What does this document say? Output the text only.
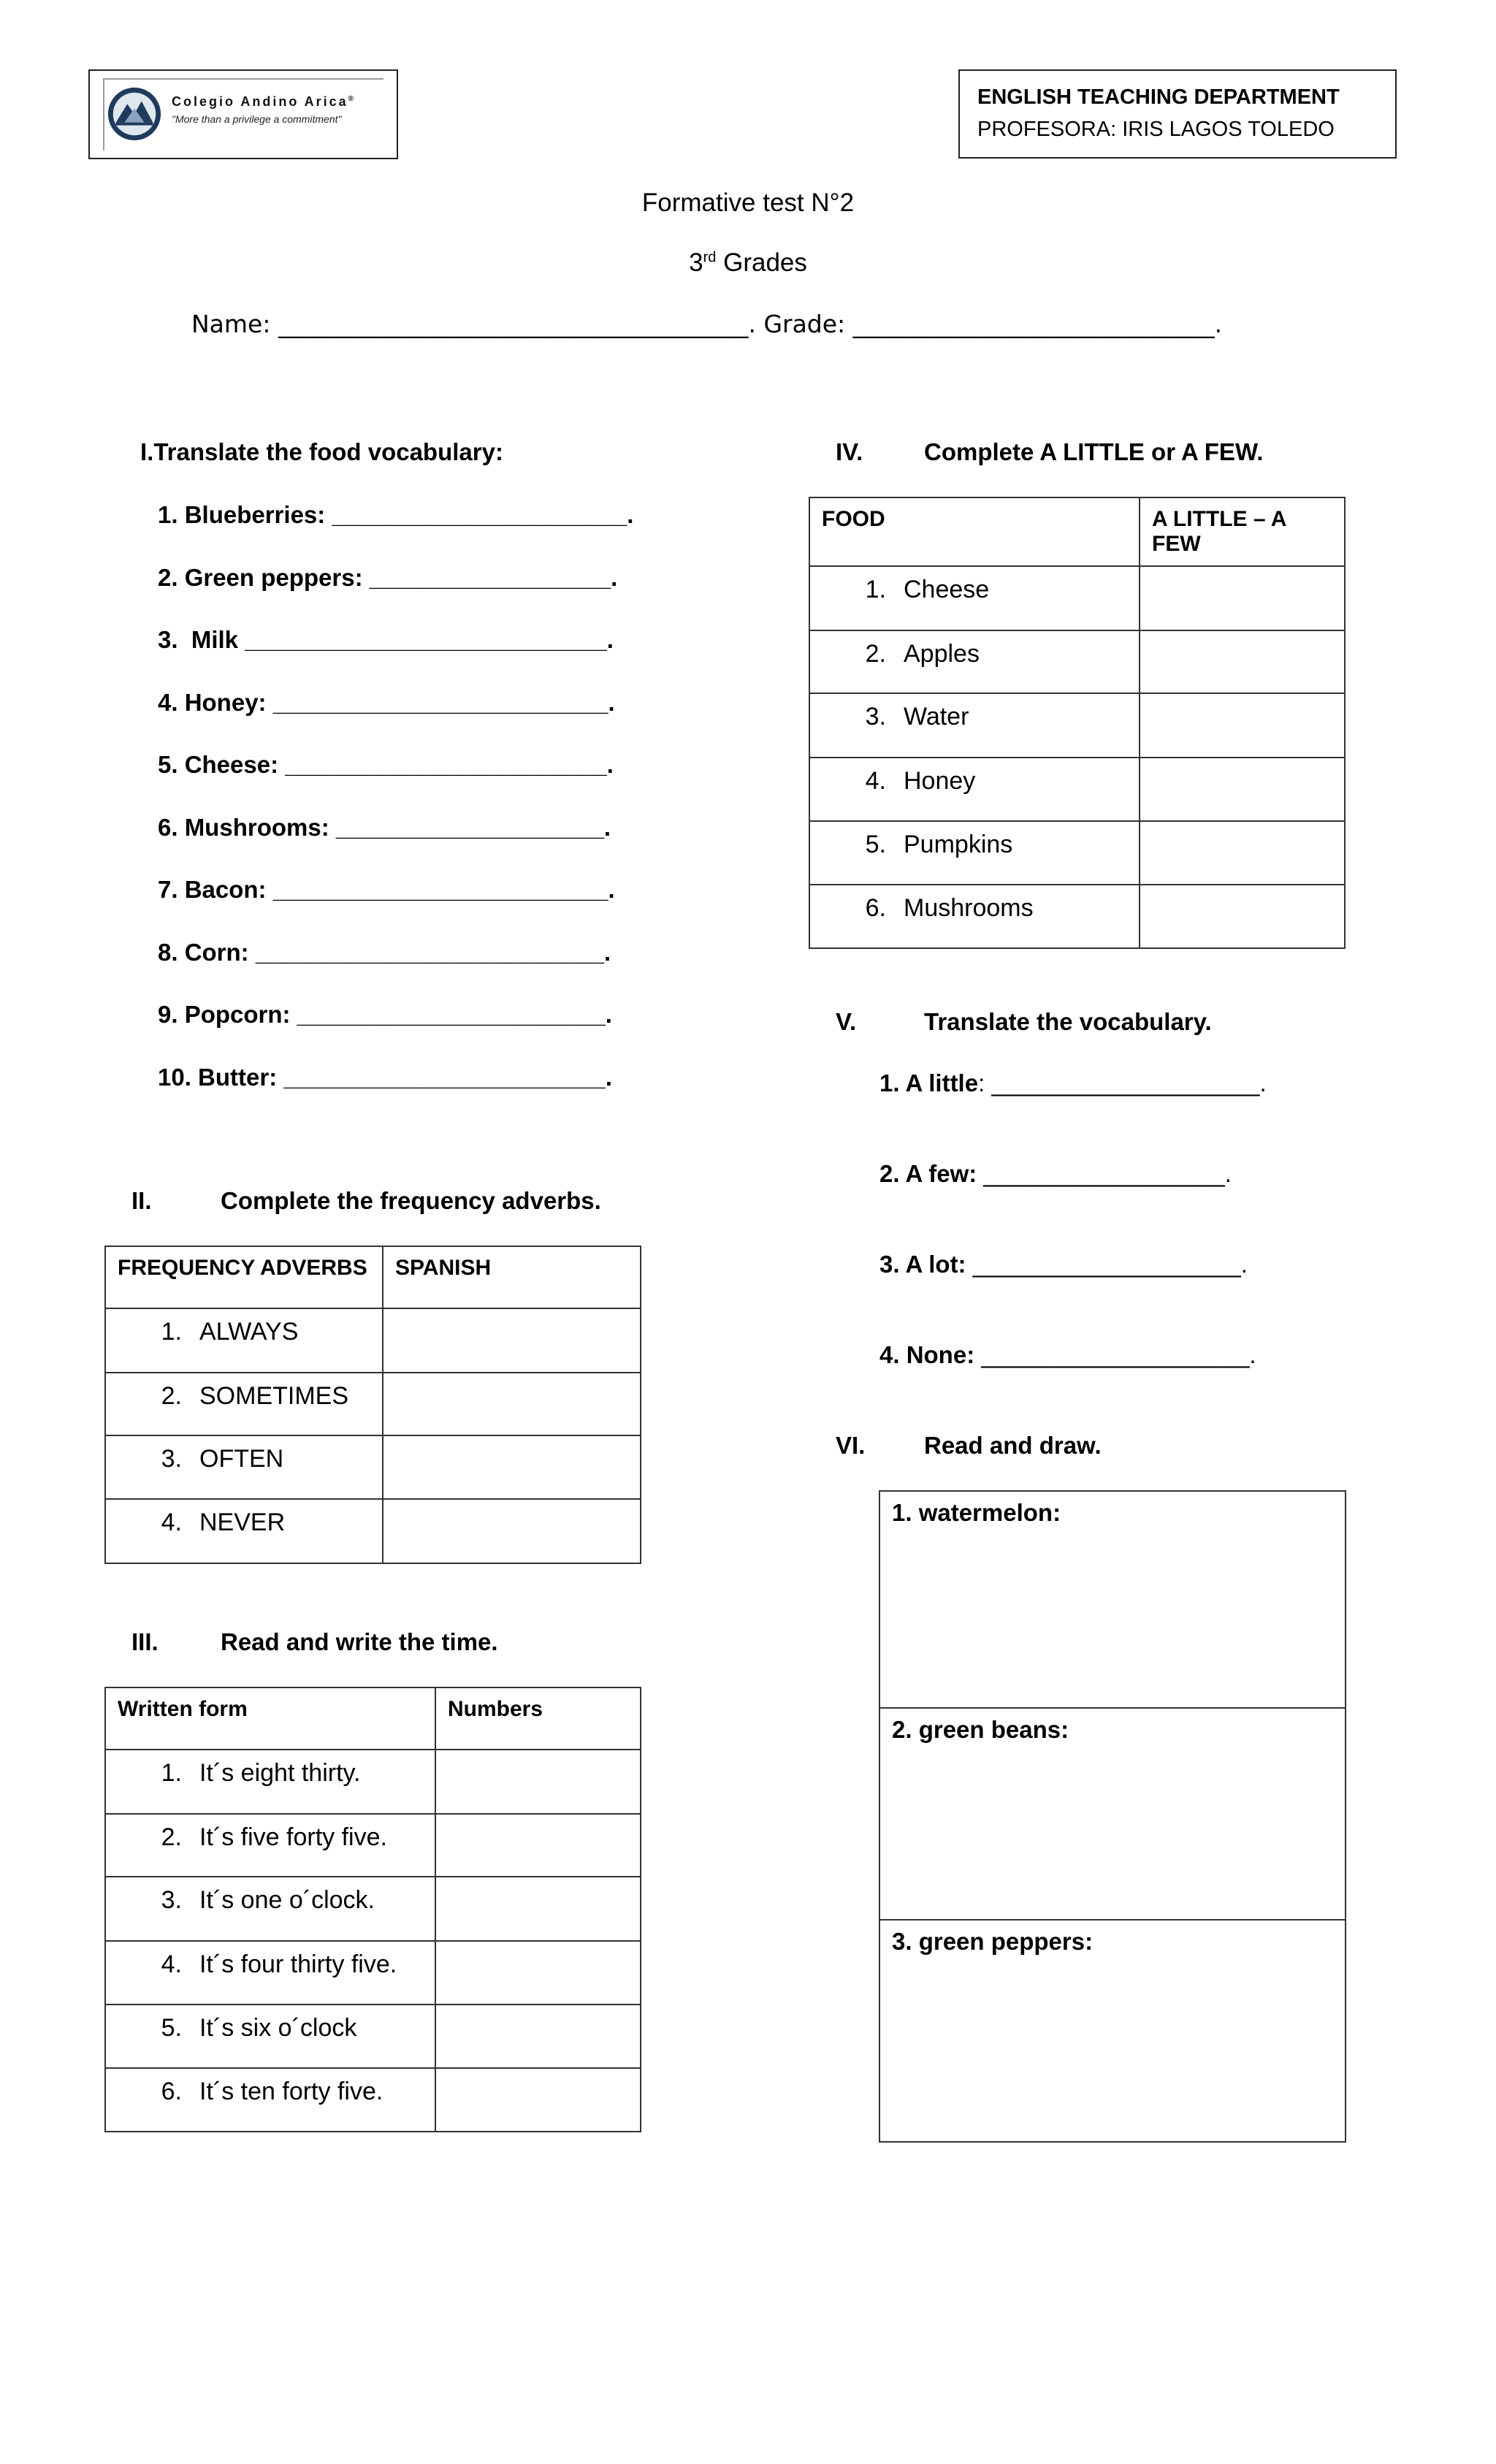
Colegio Andino Arica®
"More than a privilege a commitment"
ENGLISH TEACHING DEPARTMENT
PROFESORA: IRIS LAGOS TOLEDO
Formative test N°2
3rd Grades
Name: _______________________________________. Grade: ______________________________.
I.Translate the food vocabulary:
1. Blueberries: ______________________.
2. Green peppers: __________________.
3.  Milk ___________________________.
4. Honey: _________________________.
5. Cheese: ________________________.
6. Mushrooms: ____________________.
7. Bacon: _________________________.
8. Corn: __________________________.
9. Popcorn: _______________________.
10. Butter: ________________________.
II.	Complete the frequency adverbs.
FREQUENCY ADVERBS	SPANISH

1. ALWAYS	

2. SOMETIMES	

3. OFTEN	

4. NEVER	

III.	Read and write the time.
Written form	Numbers

1. It´s eight thirty.	

2. It´s five forty five.	

3. It´s one o´clock.	

4. It´s four thirty five.	

5. It´s six o´clock	

6. It´s ten forty five.	

IV.	Complete A LITTLE or A FEW.
FOOD	A LITTLE – A FEW

1. Cheese	

2. Apples	

3. Water	

4. Honey	

5. Pumpkins	

6. Mushrooms	

V.	Translate the vocabulary.
1. A little: ____________________.
2. A few: __________________.
3. A lot: ____________________.
4. None: ____________________.
VI. Read and draw.
1. watermelon:
2. green beans:
3. green peppers:
